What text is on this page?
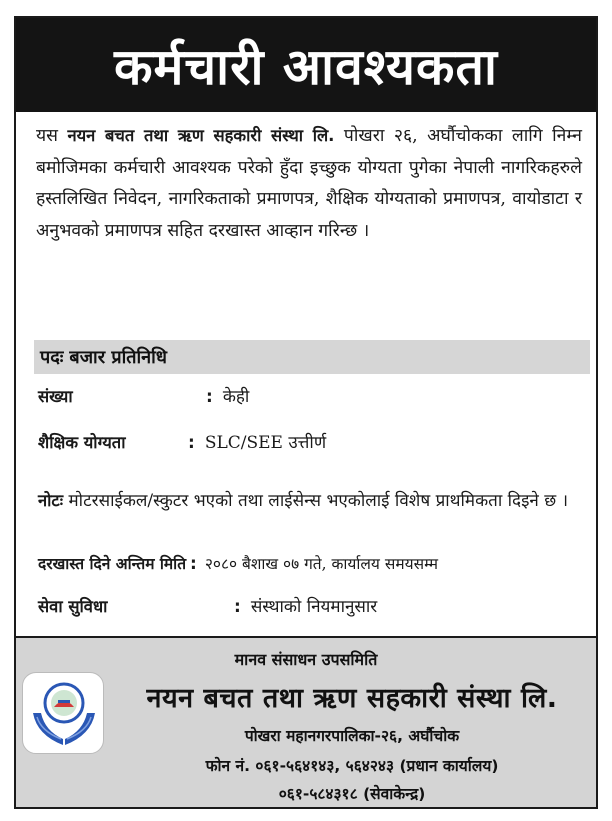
कर्मचारी आवश्यकता

यस नयन बचत तथा ऋण सहकारी संस्था लि. पोखरा २६, अर्घौचोकका लागि निम्न बमोजिमका कर्मचारी आवश्यक परेको हुँदा इच्छुक योग्यता पुगेका नेपाली नागरिकहरुले हस्तलिखित निवेदन, नागरिकताको प्रमाणपत्र, शैक्षिक योग्यताको प्रमाणपत्र, वायोडाटा र अनुभवको प्रमाणपत्र सहित दरखास्त आव्हान गरिन्छ ।

पदः बजार प्रतिनिधि
संख्या	: केही
शैक्षिक योग्यता	: SLC/SEE उत्तीर्ण

नोटः मोटरसाईकल/स्कुटर भएको तथा लाईसेन्स भएकोलाई विशेष प्राथमिकता दिइने छ ।

दरखास्त दिने अन्तिम मिति : २०८० बैशाख ०७ गते, कार्यालय समयसम्म
सेवा सुविधा	: संस्थाको नियमानुसार
मानव संसाधन उपसमिति
नयन बचत तथा ऋण सहकारी संस्था लि.
पोखरा महानगरपालिका-२६, अर्घौचोक
फोन नं. ०६१-५६४१४३, ५६४२४३ (प्रधान कार्यालय)
०६१-५८४३१८ (सेवाकेन्द्र)
